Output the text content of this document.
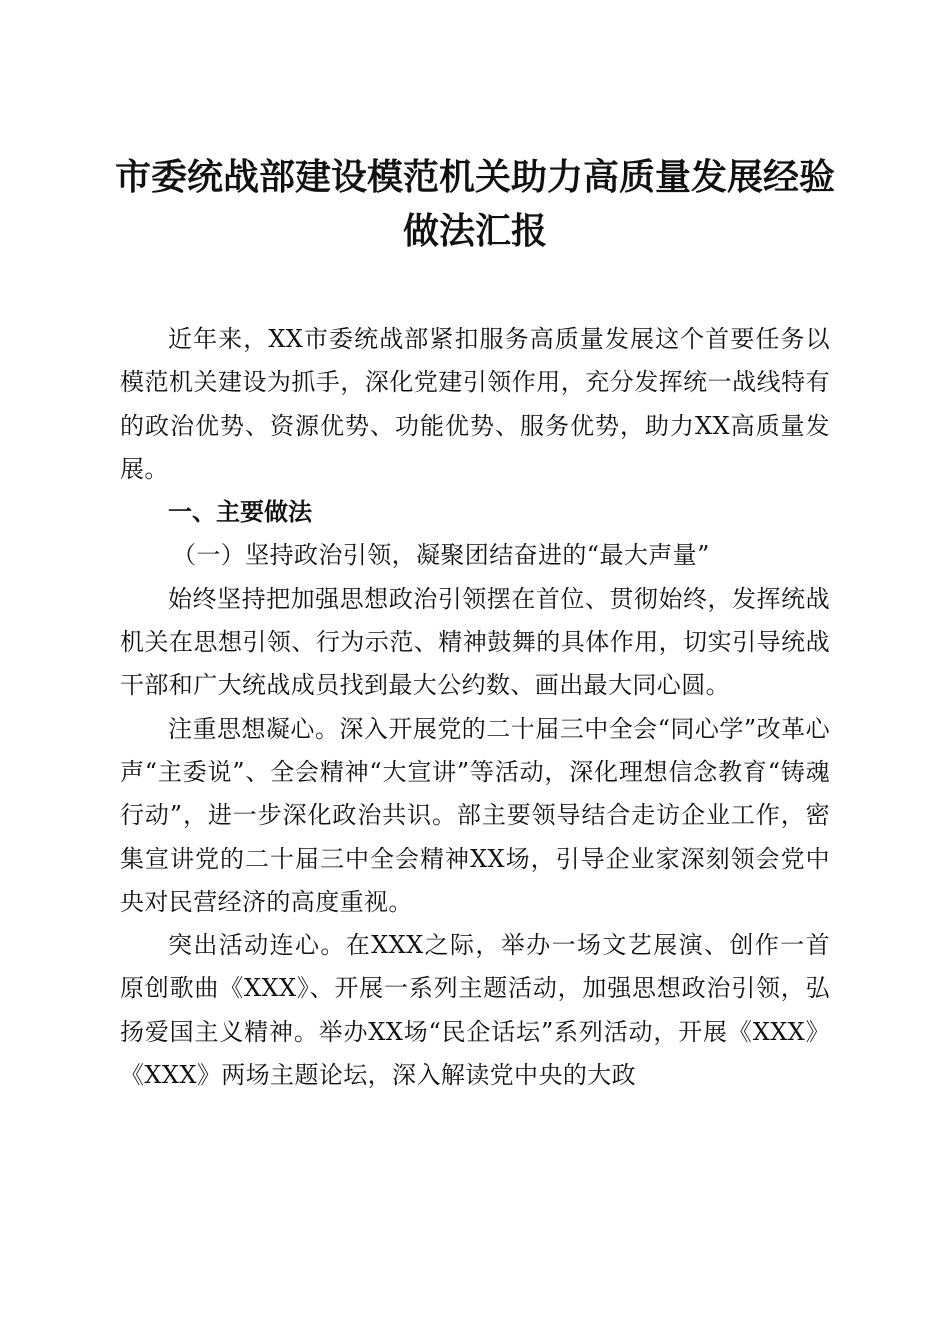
市委统战部建设模范机关助力高质量发展经验
做法汇报

近年来，XX市委统战部紧扣服务高质量发展这个首要任务以模范机关建设为抓手，深化党建引领作用，充分发挥统一战线特有的政治优势、资源优势、功能优势、服务优势，助力XX高质量发展。

一、主要做法

（一）坚持政治引领，凝聚团结奋进的“最大声量”

始终坚持把加强思想政治引领摆在首位、贯彻始终，发挥统战机关在思想引领、行为示范、精神鼓舞的具体作用，切实引导统战干部和广大统战成员找到最大公约数、画出最大同心圆。

注重思想凝心。深入开展党的二十届三中全会“同心学”改革心声“主委说”、全会精神“大宣讲”等活动，深化理想信念教育“铸魂行动”，进一步深化政治共识。部主要领导结合走访企业工作，密集宣讲党的二十届三中全会精神XX场，引导企业家深刻领会党中央对民营经济的高度重视。

突出活动连心。在XXX之际，举办一场文艺展演、创作一首原创歌曲《XXX》、开展一系列主题活动，加强思想政治引领，弘扬爱国主义精神。举办XX场“民企话坛”系列活动，开展《XXX》《XXX》两场主题论坛，深入解读党中央的大政
